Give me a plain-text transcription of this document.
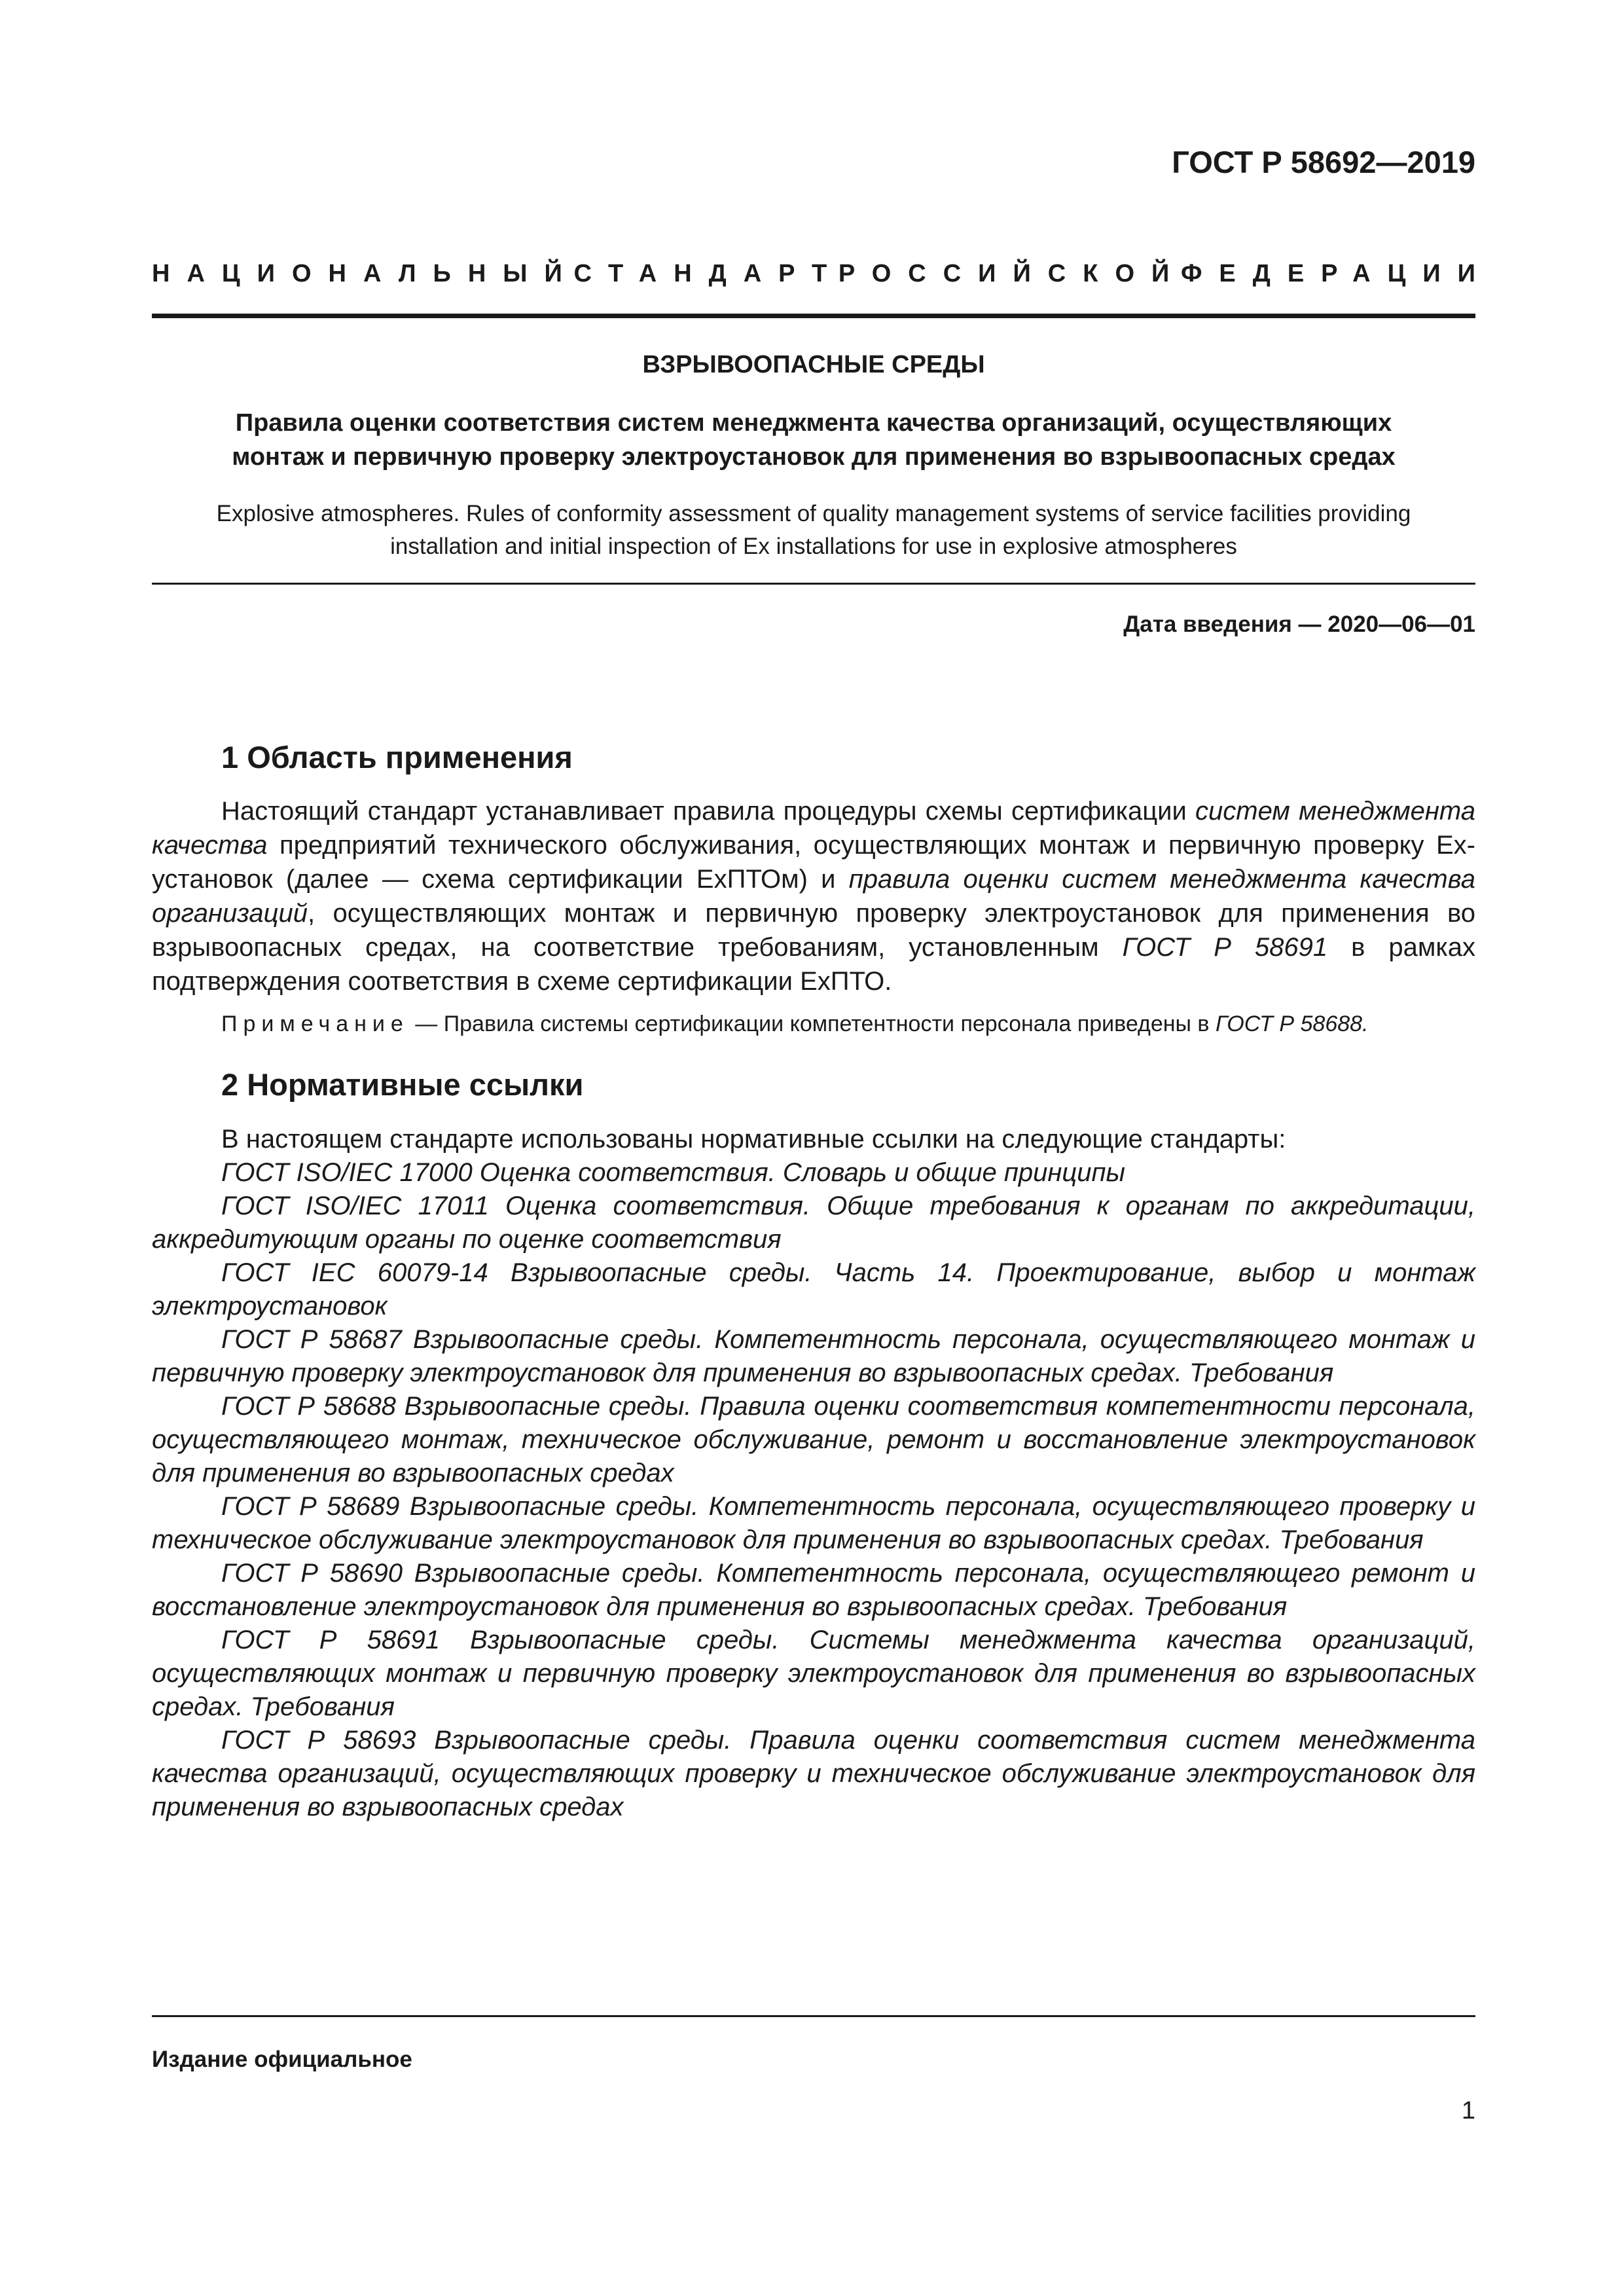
ГОСТ Р 58692—2019
НАЦИОНАЛЬНЫЙ
СТАНДАРТ
РОССИЙСКОЙ
ФЕДЕРАЦИИ
ВЗРЫВООПАСНЫЕ СРЕДЫ
Правила оценки соответствия систем менеджмента качества организаций, осуществляющих
монтаж и первичную проверку электроустановок для применения во взрывоопасных средах
Explosive atmospheres. Rules of conformity assessment of quality management systems of service facilities providing
installation and initial inspection of Ex installations for use in explosive atmospheres
Дата введения — 2020—06—01
1 Область применения

Настоящий стандарт устанавливает правила процедуры схемы сертификации систем менеджмента качества предприятий технического обслуживания, осуществляющих монтаж и первичную проверку Ex-установок (далее — схема сертификации ExПТОм) и правила оценки систем менеджмента качества организаций, осуществляющих монтаж и первичную проверку электроустановок для применения во взрывоопасных средах, на соответствие требованиям, установленным ГОСТ Р 58691 в рамках подтверждения соответствия в схеме сертификации ExПТО.

Примечание — Правила системы сертификации компетентности персонала приведены в ГОСТ Р 58688.
2 Нормативные ссылки
В настоящем стандарте использованы нормативные ссылки на следующие стандарты:
ГОСТ ISO/IEC 17000 Оценка соответствия. Словарь и общие принципы
ГОСТ ISO/IEC 17011 Оценка соответствия. Общие требования к органам по аккредитации, аккредитующим органы по оценке соответствия
ГОСТ IEC 60079-14 Взрывоопасные среды. Часть 14. Проектирование, выбор и монтаж электроустановок
ГОСТ Р 58687 Взрывоопасные среды. Компетентность персонала, осуществляющего монтаж и первичную проверку электроустановок для применения во взрывоопасных средах. Требования
ГОСТ Р 58688 Взрывоопасные среды. Правила оценки соответствия компетентности персонала, осуществляющего монтаж, техническое обслуживание, ремонт и восстановление электроустановок для применения во взрывоопасных средах
ГОСТ Р 58689 Взрывоопасные среды. Компетентность персонала, осуществляющего проверку и техническое обслуживание электроустановок для применения во взрывоопасных средах. Требования
ГОСТ Р 58690 Взрывоопасные среды. Компетентность персонала, осуществляющего ремонт и восстановление электроустановок для применения во взрывоопасных средах. Требования
ГОСТ Р 58691 Взрывоопасные среды. Системы менеджмента качества организаций, осуществляющих монтаж и первичную проверку электроустановок для применения во взрывоопасных средах. Требования
ГОСТ Р 58693 Взрывоопасные среды. Правила оценки соответствия систем менеджмента качества организаций, осуществляющих проверку и техническое обслуживание электроустановок для применения во взрывоопасных средах
Издание официальное
1
